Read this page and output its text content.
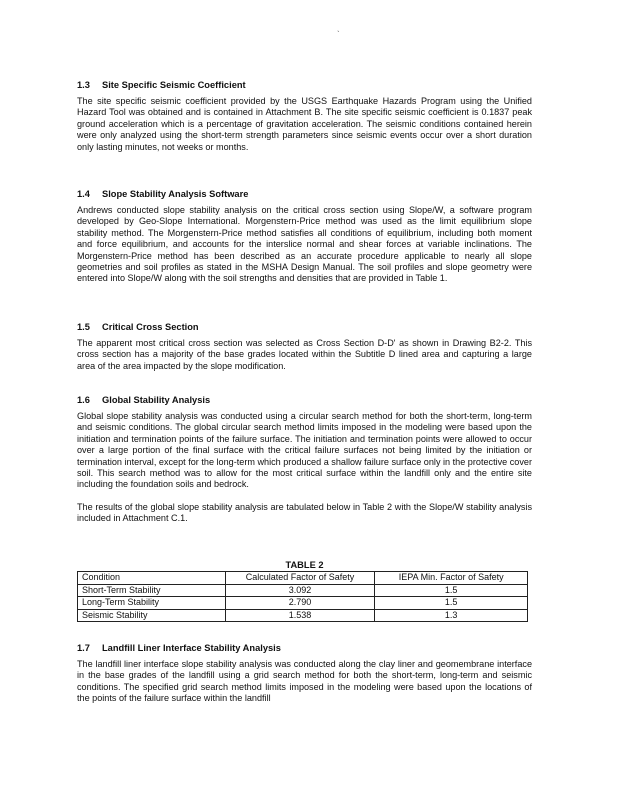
`
1.3 Site Specific Seismic Coefficient

The site specific seismic coefficient provided by the USGS Earthquake Hazards Program using the Unified Hazard Tool was obtained and is contained in Attachment B. The site specific seismic coefficient is 0.1837 peak ground acceleration which is a percentage of gravitation acceleration. The seismic conditions contained herein were only analyzed using the short-term strength parameters since seismic events occur over a short duration only lasting minutes, not weeks or months.

1.4 Slope Stability Analysis Software

Andrews conducted slope stability analysis on the critical cross section using Slope/W, a software program developed by Geo-Slope International. Morgenstern-Price method was used as the limit equilibrium slope stability method. The Morgenstern-Price method satisfies all conditions of equilibrium, including both moment and force equilibrium, and accounts for the interslice normal and shear forces at variable inclinations. The Morgenstern-Price method has been described as an accurate procedure applicable to nearly all slope geometries and soil profiles as stated in the MSHA Design Manual. The soil profiles and slope geometry were entered into Slope/W along with the soil strengths and densities that are provided in Table 1.

1.5 Critical Cross Section

The apparent most critical cross section was selected as Cross Section D-D' as shown in Drawing B2-2. This cross section has a majority of the base grades located within the Subtitle D lined area and capturing a large area of the area impacted by the slope modification.

1.6 Global Stability Analysis

Global slope stability analysis was conducted using a circular search method for both the short-term, long-term and seismic conditions. The global circular search method limits imposed in the modeling were based upon the initiation and termination points of the failure surface. The initiation and termination points were allowed to occur over a large portion of the final surface with the critical failure surfaces not being limited by the initiation or termination interval, except for the long-term which produced a shallow failure surface only in the protective cover soil. This search method was to allow for the most critical surface within the landfill only and the entire site including the foundation soils and bedrock.

The results of the global slope stability analysis are tabulated below in Table 2 with the Slope/W stability analysis included in Attachment C.1.

TABLE 2
Condition	Calculated Factor of Safety	IEPA Min. Factor of Safety
Short-Term Stability	3.092	1.5
Long-Term Stability	2.790	1.5
Seismic Stability	1.538	1.3
1.7 Landfill Liner Interface Stability Analysis

The landfill liner interface slope stability analysis was conducted along the clay liner and geomembrane interface in the base grades of the landfill using a grid search method for both the short-term, long-term and seismic conditions. The specified grid search method limits imposed in the modeling were based upon the locations of the points of the failure surface within the landfill
